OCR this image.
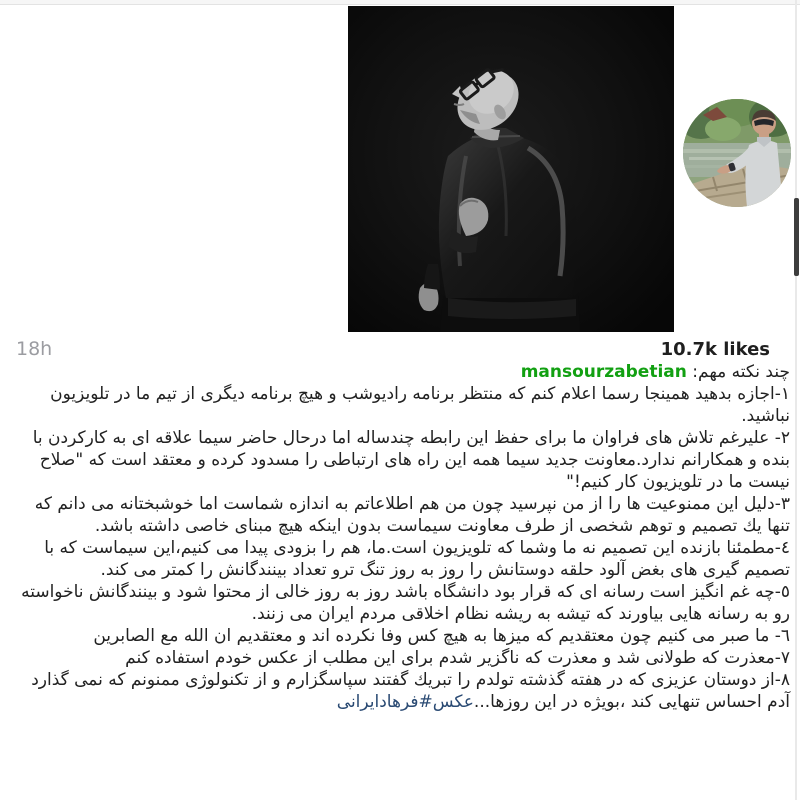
18h	10.7k likes
چند نکته مهم: mansourzabetian
۱-اجازه بدهید همینجا رسما اعلام کنم که منتظر برنامه رادیوشب و هیچ برنامه دیگری از تیم ما در تلویزیون نباشید.
۲- علیرغم تلاش های فراوان ما برای حفظ این رابطه چندساله اما درحال حاضر سیما علاقه ای به کارکردن با بنده و همکارانم ندارد.معاونت جدید سیما همه این راه های ارتباطی را مسدود کرده و معتقد است که "صلاح نیست ما در تلویزیون کار کنیم!"
۳-دلیل این ممنوعیت ها را از من نپرسید چون من هم اطلاعاتم به اندازه شماست اما خوشبختانه می دانم که تنها یك تصمیم و توهم شخصی از طرف معاونت سیماست بدون اینکه هیچ مبنای خاصی داشته باشد.
٤-مطمئنا بازنده این تصمیم نه ما وشما که تلویزیون است.ما، هم را بزودی پیدا می کنیم،این سیماست که با تصمیم گیری های بغض آلود حلقه دوستانش را روز به روز تنگ ترو تعداد بینندگانش را کمتر می کند.
٥-چه غم انگیز است رسانه ای که قرار بود دانشگاه باشد روز به روز خالی از محتوا شود و بینندگانش ناخواسته رو به رسانه هایی بیاورند که تیشه به ریشه نظام اخلاقی مردم ایران می زنند.
٦- ما صبر می کنیم چون معتقدیم که میزها به هیچ کس وفا نکرده اند و معتقدیم ان الله مع الصابرین
۷-معذرت که طولانی شد و معذرت که ناگزیر شدم برای این مطلب از عکس خودم استفاده کنم
۸-از دوستان عزیزی که در هفته گذشته تولدم را تبریك گفتند سپاسگزارم و از تکنولوژی ممنونم که نمی گذارد آدم احساس تنهایی کند ،بویژه در این روزها...عکس#فرهادایرانی
